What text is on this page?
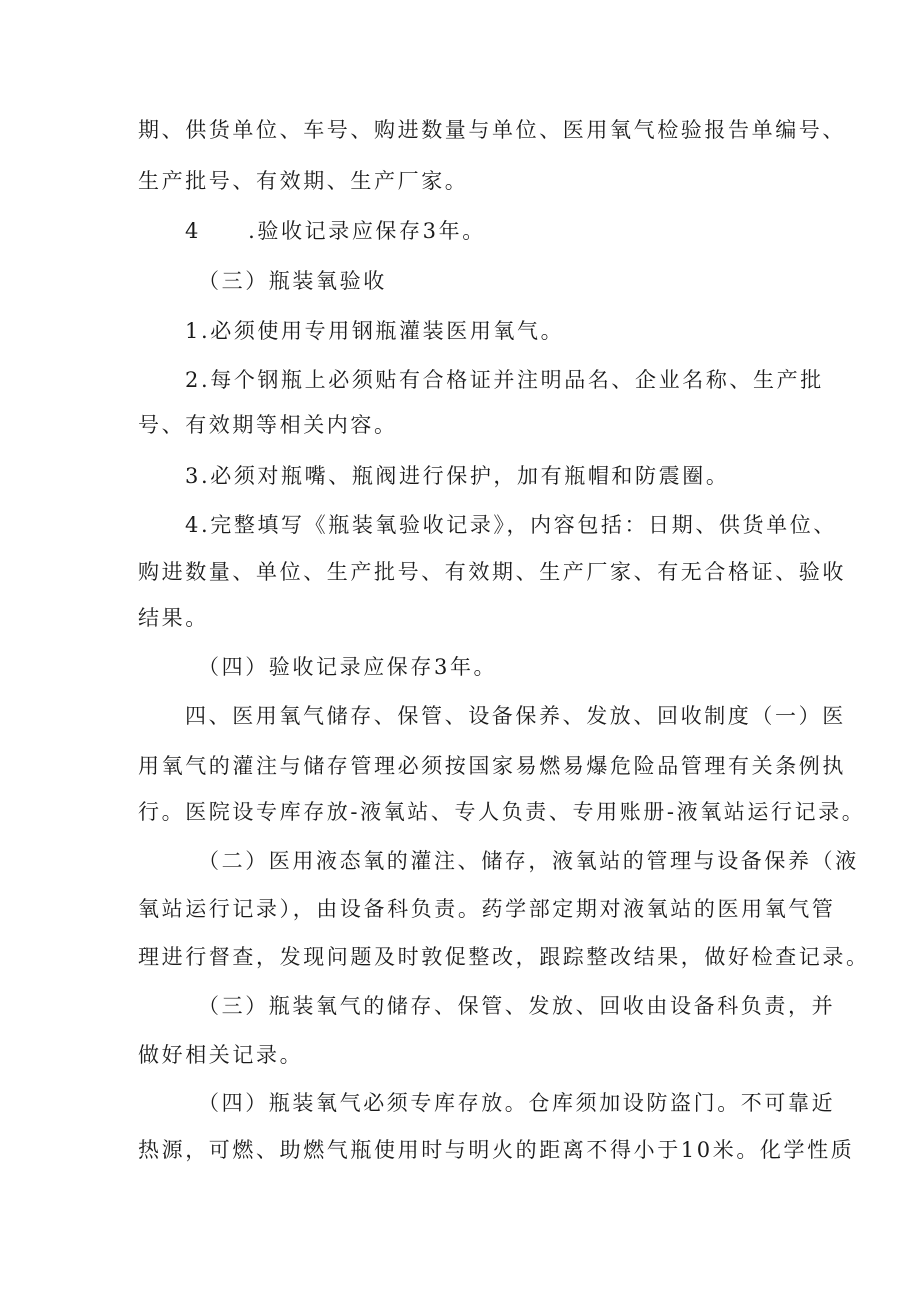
期、供货单位、车号、购进数量与单位、医用氧气检验报告单编号、
生产批号、有效期、生产厂家。
4　　.验收记录应保存3年。
（三）瓶装氧验收
1.必须使用专用钢瓶灌装医用氧气。
2.每个钢瓶上必须贴有合格证并注明品名、企业名称、生产批
号、有效期等相关内容。
3.必须对瓶嘴、瓶阀进行保护，加有瓶帽和防震圈。
4.完整填写《瓶装氧验收记录》，内容包括：日期、供货单位、
购进数量、单位、生产批号、有效期、生产厂家、有无合格证、验收
结果。
（四）验收记录应保存3年。
四、医用氧气储存、保管、设备保养、发放、回收制度（一）医
用氧气的灌注与储存管理必须按国家易燃易爆危险品管理有关条例执
行。医院设专库存放-液氧站、专人负责、专用账册-液氧站运行记录。
（二）医用液态氧的灌注、储存，液氧站的管理与设备保养（液
氧站运行记录），由设备科负责。药学部定期对液氧站的医用氧气管
理进行督查，发现问题及时敦促整改，跟踪整改结果，做好检查记录。
（三）瓶装氧气的储存、保管、发放、回收由设备科负责，并
做好相关记录。
（四）瓶装氧气必须专库存放。仓库须加设防盗门。不可靠近
热源，可燃、助燃气瓶使用时与明火的距离不得小于10米。化学性质
